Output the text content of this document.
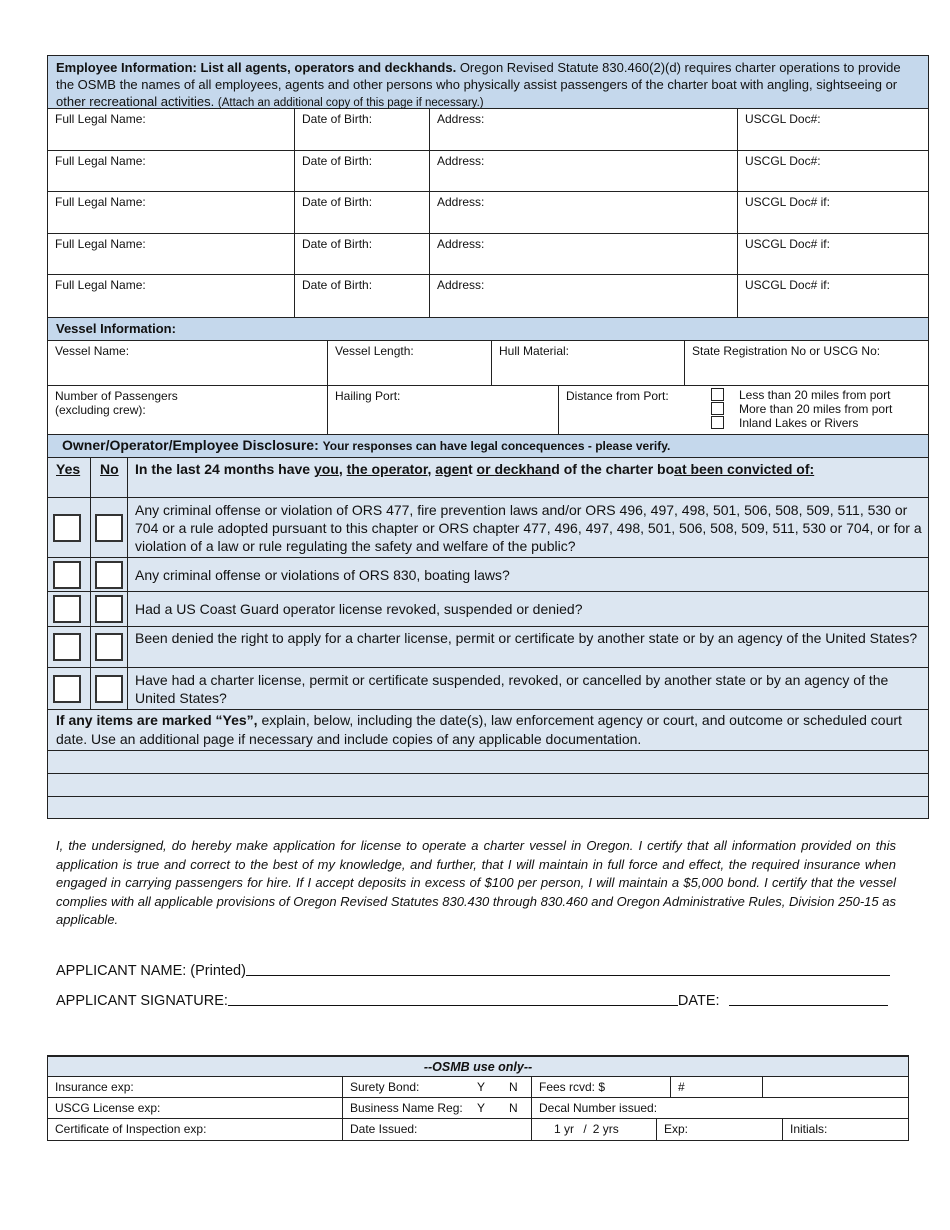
Employee Information: List all agents, operators and deckhands. Oregon Revised Statute 830.460(2)(d) requires charter operations to provide the OSMB the names of all employees, agents and other persons who physically assist passengers of the charter boat with angling, sightseeing or other recreational activities. (Attach an additional copy of this page if necessary.)
Full Legal Name:	Date of Birth:	Address:	USCGL Doc#:
Full Legal Name:	Date of Birth:	Address:	USCGL Doc#:
Full Legal Name:	Date of Birth:	Address:	USCGL Doc# if:
Full Legal Name:	Date of Birth:	Address:	USCGL Doc# if:
Full Legal Name:	Date of Birth:	Address:	USCGL Doc# if:
Vessel Information:
Vessel Name:	Vessel Length:	Hull Material:	State Registration No or USCG No:
Number of Passengers
(excluding crew):
Hailing Port:	Distance from Port:	Less than 20 miles from port
More than 20 miles from port
Inland Lakes or Rivers
Owner/Operator/Employee Disclosure: Your responses can have legal concequences - please verify.
Yes No In the last 24 months have you, the operator, agent or deckhand of the charter boat been convicted of:
Any criminal offense or violation of ORS 477, fire prevention laws and/or ORS 496, 497, 498, 501, 506, 508, 509, 511, 530 or 704 or a rule adopted pursuant to this chapter or ORS chapter 477, 496, 497, 498, 501, 506, 508, 509, 511, 530 or 704, or for a violation of a law or rule regulating the safety and welfare of the public?
Any criminal offense or violations of ORS 830, boating laws?
Had a US Coast Guard operator license revoked, suspended or denied?
Been denied the right to apply for a charter license, permit or certificate by another state or by an agency of the United States?
Have had a charter license, permit or certificate suspended, revoked, or cancelled by another state or by an agency of the United States?
If any items are marked “Yes”, explain, below, including the date(s), law enforcement agency or court, and outcome or scheduled court date. Use an additional page if necessary and include copies of any applicable documentation.
I, the undersigned, do hereby make application for license to operate a charter vessel in Oregon. I certify that all information provided on this application is true and correct to the best of my knowledge, and further, that I will maintain in full force and effect, the required insurance when engaged in carrying passengers for hire. If I accept deposits in excess of $100 per person, I will maintain a $5,000 bond. I certify that the vessel complies with all applicable provisions of Oregon Revised Statutes 830.430 through 830.460 and Oregon Administrative Rules, Division 250-15 as applicable.
APPLICANT NAME: (Printed)
APPLICANT SIGNATURE:	DATE:
--OSMB use only--
Insurance exp:	Surety Bond:	Y N	Fees rcvd: $	#
USCG License exp:	Business Name Reg: Y N	Decal Number issued:
Certificate of Inspection exp:	Date Issued:	1 yr / 2 yrs	Exp:	Initials:
